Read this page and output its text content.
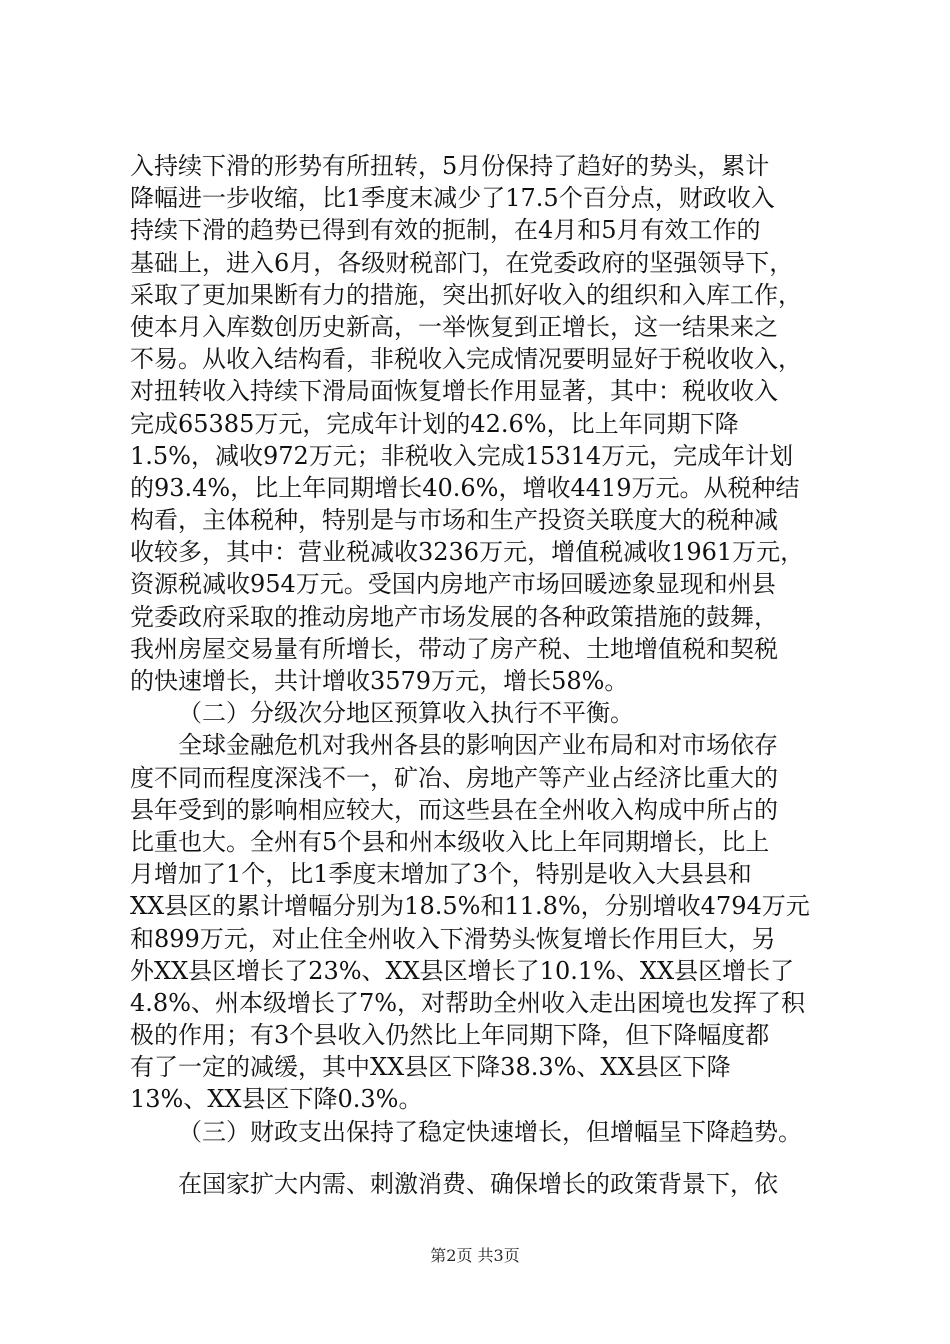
入持续下滑的形势有所扭转，5月份保持了趋好的势头，累计
降幅进一步收缩，比1季度末减少了17.5个百分点，财政收入
持续下滑的趋势已得到有效的扼制，在4月和5月有效工作的
基础上，进入6月，各级财税部门，在党委政府的坚强领导下，
采取了更加果断有力的措施，突出抓好收入的组织和入库工作，
使本月入库数创历史新高，一举恢复到正增长，这一结果来之
不易。从收入结构看，非税收入完成情况要明显好于税收收入，
对扭转收入持续下滑局面恢复增长作用显著，其中：税收收入
完成65385万元，完成年计划的42.6%，比上年同期下降
1.5%，减收972万元；非税收入完成15314万元，完成年计划
的93.4%，比上年同期增长40.6%，增收4419万元。从税种结
构看，主体税种，特别是与市场和生产投资关联度大的税种减
收较多，其中：营业税减收3236万元，增值税减收1961万元，
资源税减收954万元。受国内房地产市场回暖迹象显现和州县
党委政府采取的推动房地产市场发展的各种政策措施的鼓舞，
我州房屋交易量有所增长，带动了房产税、土地增值税和契税
的快速增长，共计增收3579万元，增长58%。
（二）分级次分地区预算收入执行不平衡。
全球金融危机对我州各县的影响因产业布局和对市场依存
度不同而程度深浅不一，矿冶、房地产等产业占经济比重大的
县年受到的影响相应较大，而这些县在全州收入构成中所占的
比重也大。全州有5个县和州本级收入比上年同期增长，比上
月增加了1个，比1季度末增加了3个，特别是收入大县县和
XX县区的累计增幅分别为18.5%和11.8%，分别增收4794万元
和899万元，对止住全州收入下滑势头恢复增长作用巨大，另
外XX县区增长了23%、XX县区增长了10.1%、XX县区增长了
4.8%、州本级增长了7%，对帮助全州收入走出困境也发挥了积
极的作用；有3个县收入仍然比上年同期下降，但下降幅度都
有了一定的减缓，其中XX县区下降38.3%、XX县区下降
13%、XX县区下降0.3%。
（三）财政支出保持了稳定快速增长，但增幅呈下降趋势。
在国家扩大内需、刺激消费、确保增长的政策背景下，依
第2页 共3页
